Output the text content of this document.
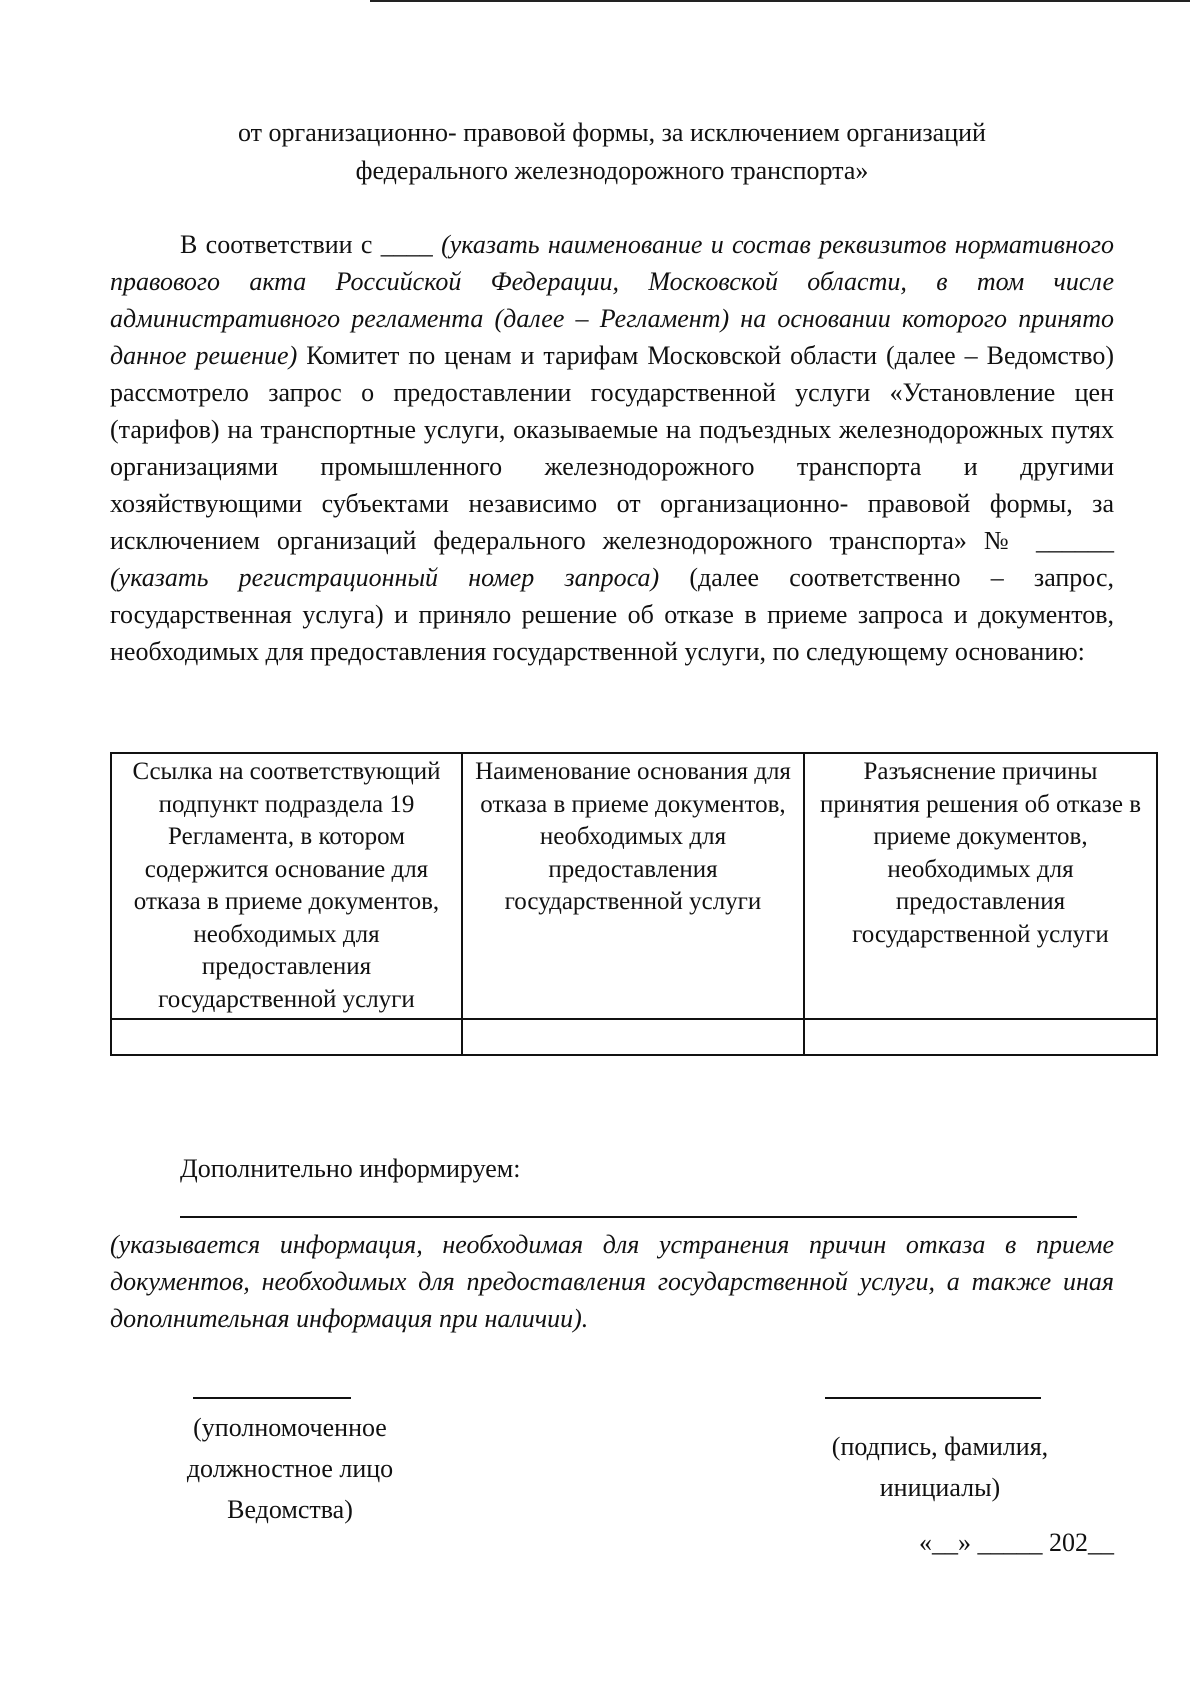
от организационно‑ правовой формы, за исключением организаций
федерального железнодорожного транспорта»
В соответствии с ____ (указать наименование и состав реквизитов нормативного правового акта Российской Федерации, Московской области, в том числе административного регламента (далее – Регламент) на основании которого принято данное решение) Комитет по ценам и тарифам Московской области (далее – Ведомство) рассмотрело запрос о предоставлении государственной услуги «Установление цен (тарифов) на транспортные услуги, оказываемые на подъездных железнодорожных путях организациями промышленного железнодорожного транспорта и другими хозяйствующими субъектами независимо от организационно‑ правовой формы, за исключением организаций федерального железнодорожного транспорта» № ______ (указать регистрационный номер запроса) (далее соответственно – запрос, государственная услуга) и приняло решение об отказе в приеме запроса и документов, необходимых для предоставления государственной услуги, по следующему основанию:
Ссылка на соответствующий подпункт подраздела 19 Регламента, в котором содержится основание для отказа в приеме документов, необходимых для предоставления государственной услуги	Наименование основания для отказа в приеме документов, необходимых для предоставления государственной услуги	Разъяснение причины принятия решения об отказе в приеме документов, необходимых для предоставления государственной услуги

Дополнительно информируем:
(указывается информация, необходимая для устранения причин отказа в приеме документов, необходимых для предоставления государственной услуги, а также иная дополнительная информация при наличии).
(уполномоченное должностное лицо Ведомства)
(подпись, фамилия, инициалы)
«__» _____ 202__
